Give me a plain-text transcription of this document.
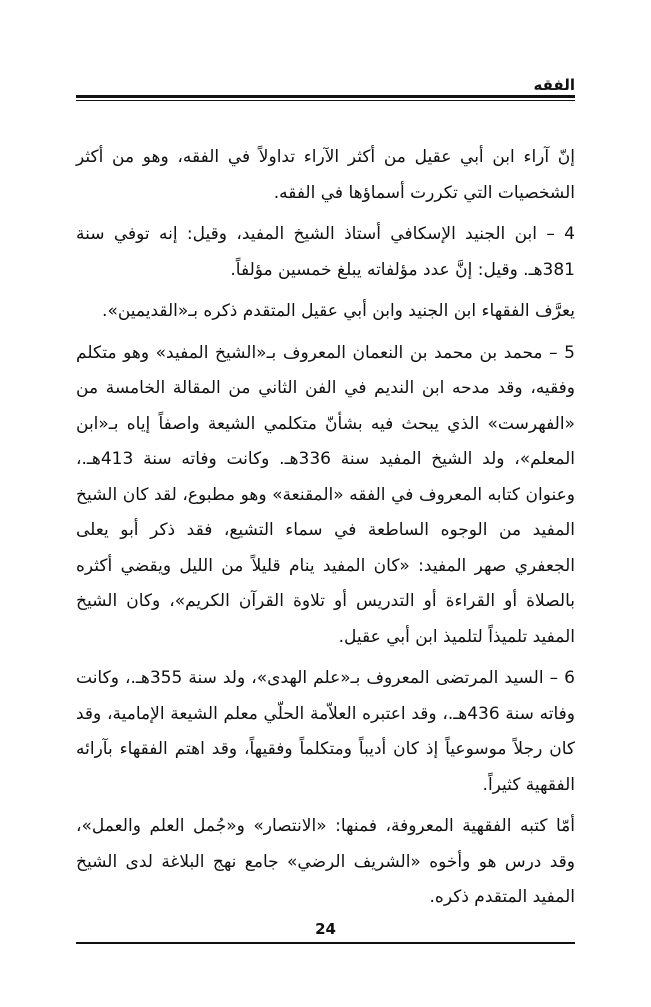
الفقه

إنّ آراء ابن أبي عقيل من أكثر الآراء تداولاً في الفقه، وهو من أكثر الشخصيات التي تكررت أسماؤها في الفقه.

4 – ابن الجنيد الإسكافي أستاذ الشيخ المفيد، وقيل: إنه توفي سنة 381هـ. وقيل: إنَّ عدد مؤلفاته يبلغ خمسين مؤلفاً.

يعرَّف الفقهاء ابن الجنيد وابن أبي عقيل المتقدم ذكره بـ«القديمين».

5 – محمد بن محمد بن النعمان المعروف بـ«الشيخ المفيد» وهو متكلم وفقيه، وقد مدحه ابن النديم في الفن الثاني من المقالة الخامسة من «الفهرست» الذي يبحث فيه بشأنّ متكلمي الشيعة واصفاً إياه بـ«ابن المعلم»، ولد الشيخ المفيد سنة 336هـ. وكانت وفاته سنة 413هـ.، وعنوان كتابه المعروف في الفقه «المقنعة» وهو مطبوع، لقد كان الشيخ المفيد من الوجوه الساطعة في سماء التشيع، فقد ذكر أبو يعلى الجعفري صهر المفيد: «كان المفيد ينام قليلاً من الليل ويقضي أكثره بالصلاة أو القراءة أو التدريس أو تلاوة القرآن الكريم»، وكان الشيخ المفيد تلميذاً لتلميذ ابن أبي عقيل.

6 – السيد المرتضى المعروف بـ«علم الهدى»، ولد سنة 355هـ.، وكانت وفاته سنة 436هـ.، وقد اعتبره العلاّمة الحلّي معلم الشيعة الإمامية، وقد كان رجلاً موسوعياً إذ كان أديباً ومتكلماً وفقيهاً، وقد اهتم الفقهاء بآرائه الفقهية كثيراً.

أمّا كتبه الفقهية المعروفة، فمنها: «الانتصار» و«جُمل العلم والعمل»، وقد درس هو وأخوه «الشريف الرضي» جامع نهج البلاغة لدى الشيخ المفيد المتقدم ذكره.

24
